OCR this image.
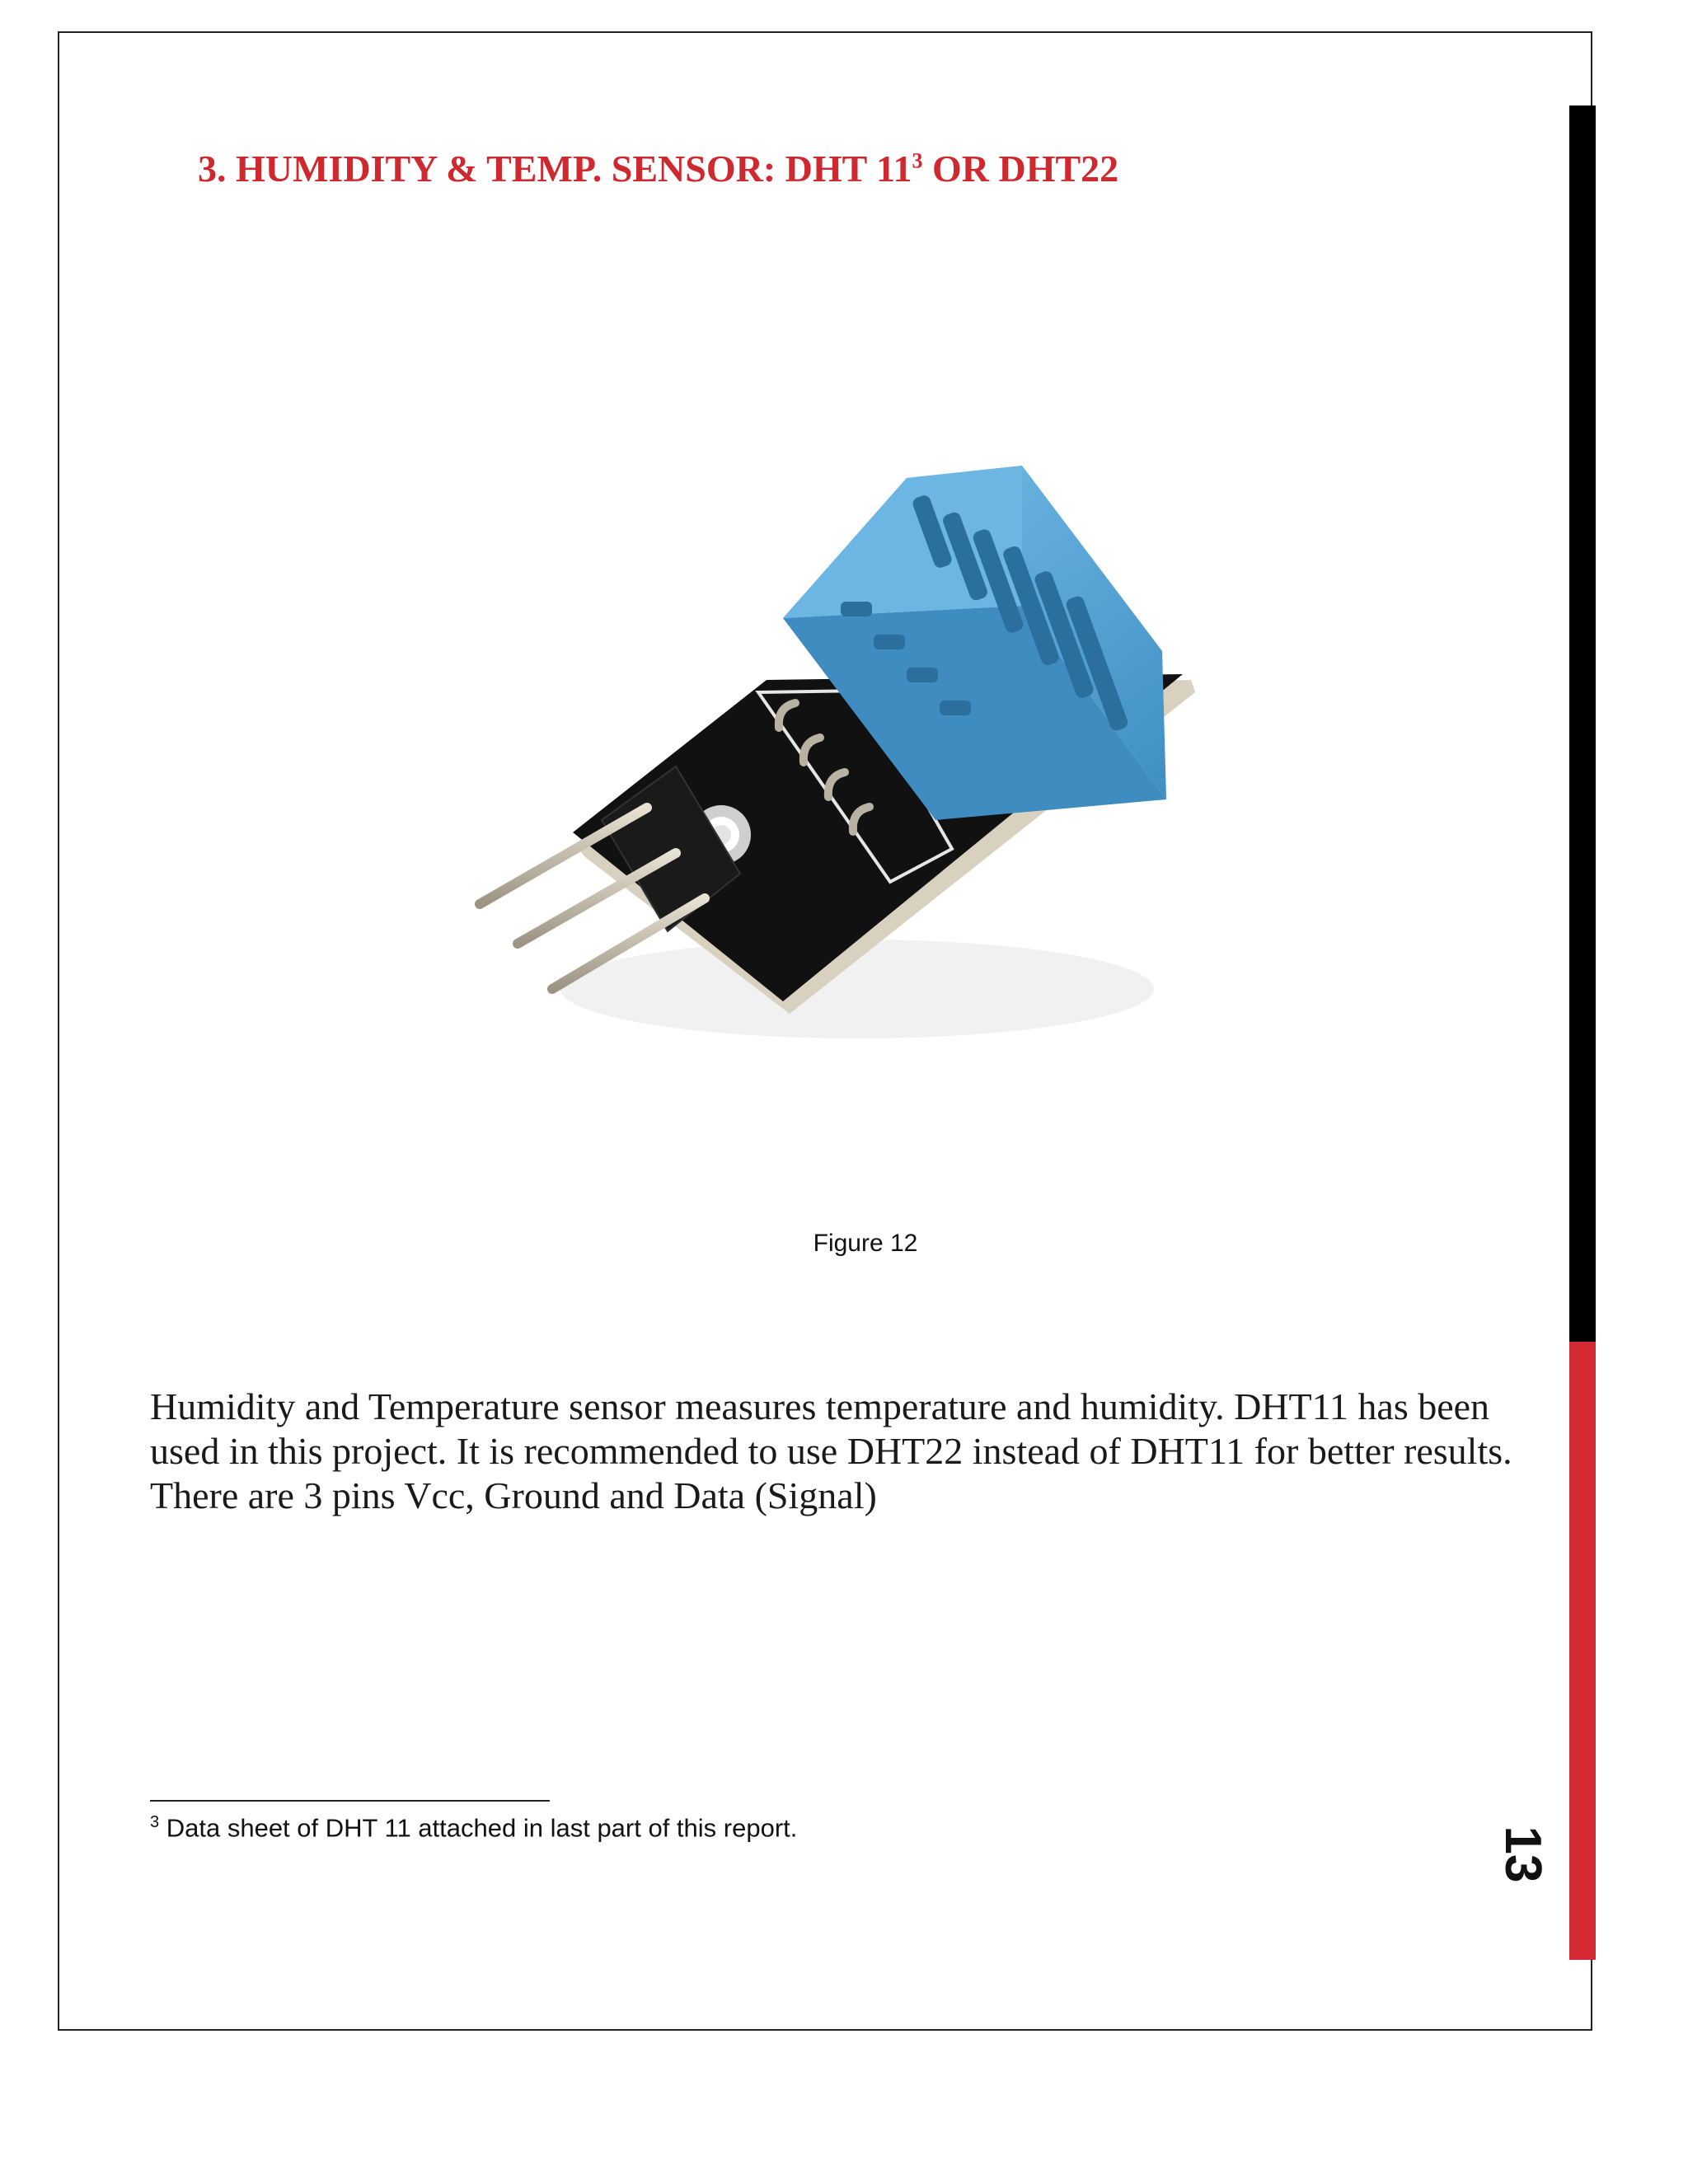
13
3. HUMIDITY & TEMP. SENSOR: DHT $11^3$ OR DHT22
Figure 12

Humidity and Temperature sensor measures temperature and humidity. DHT11 has been used in this project. It is recommended to use DHT22 instead of DHT11 for better results. There are 3 pins Vcc, Ground and Data (Signal)

$^3$ Data sheet of DHT 11 attached in last part of this report.
